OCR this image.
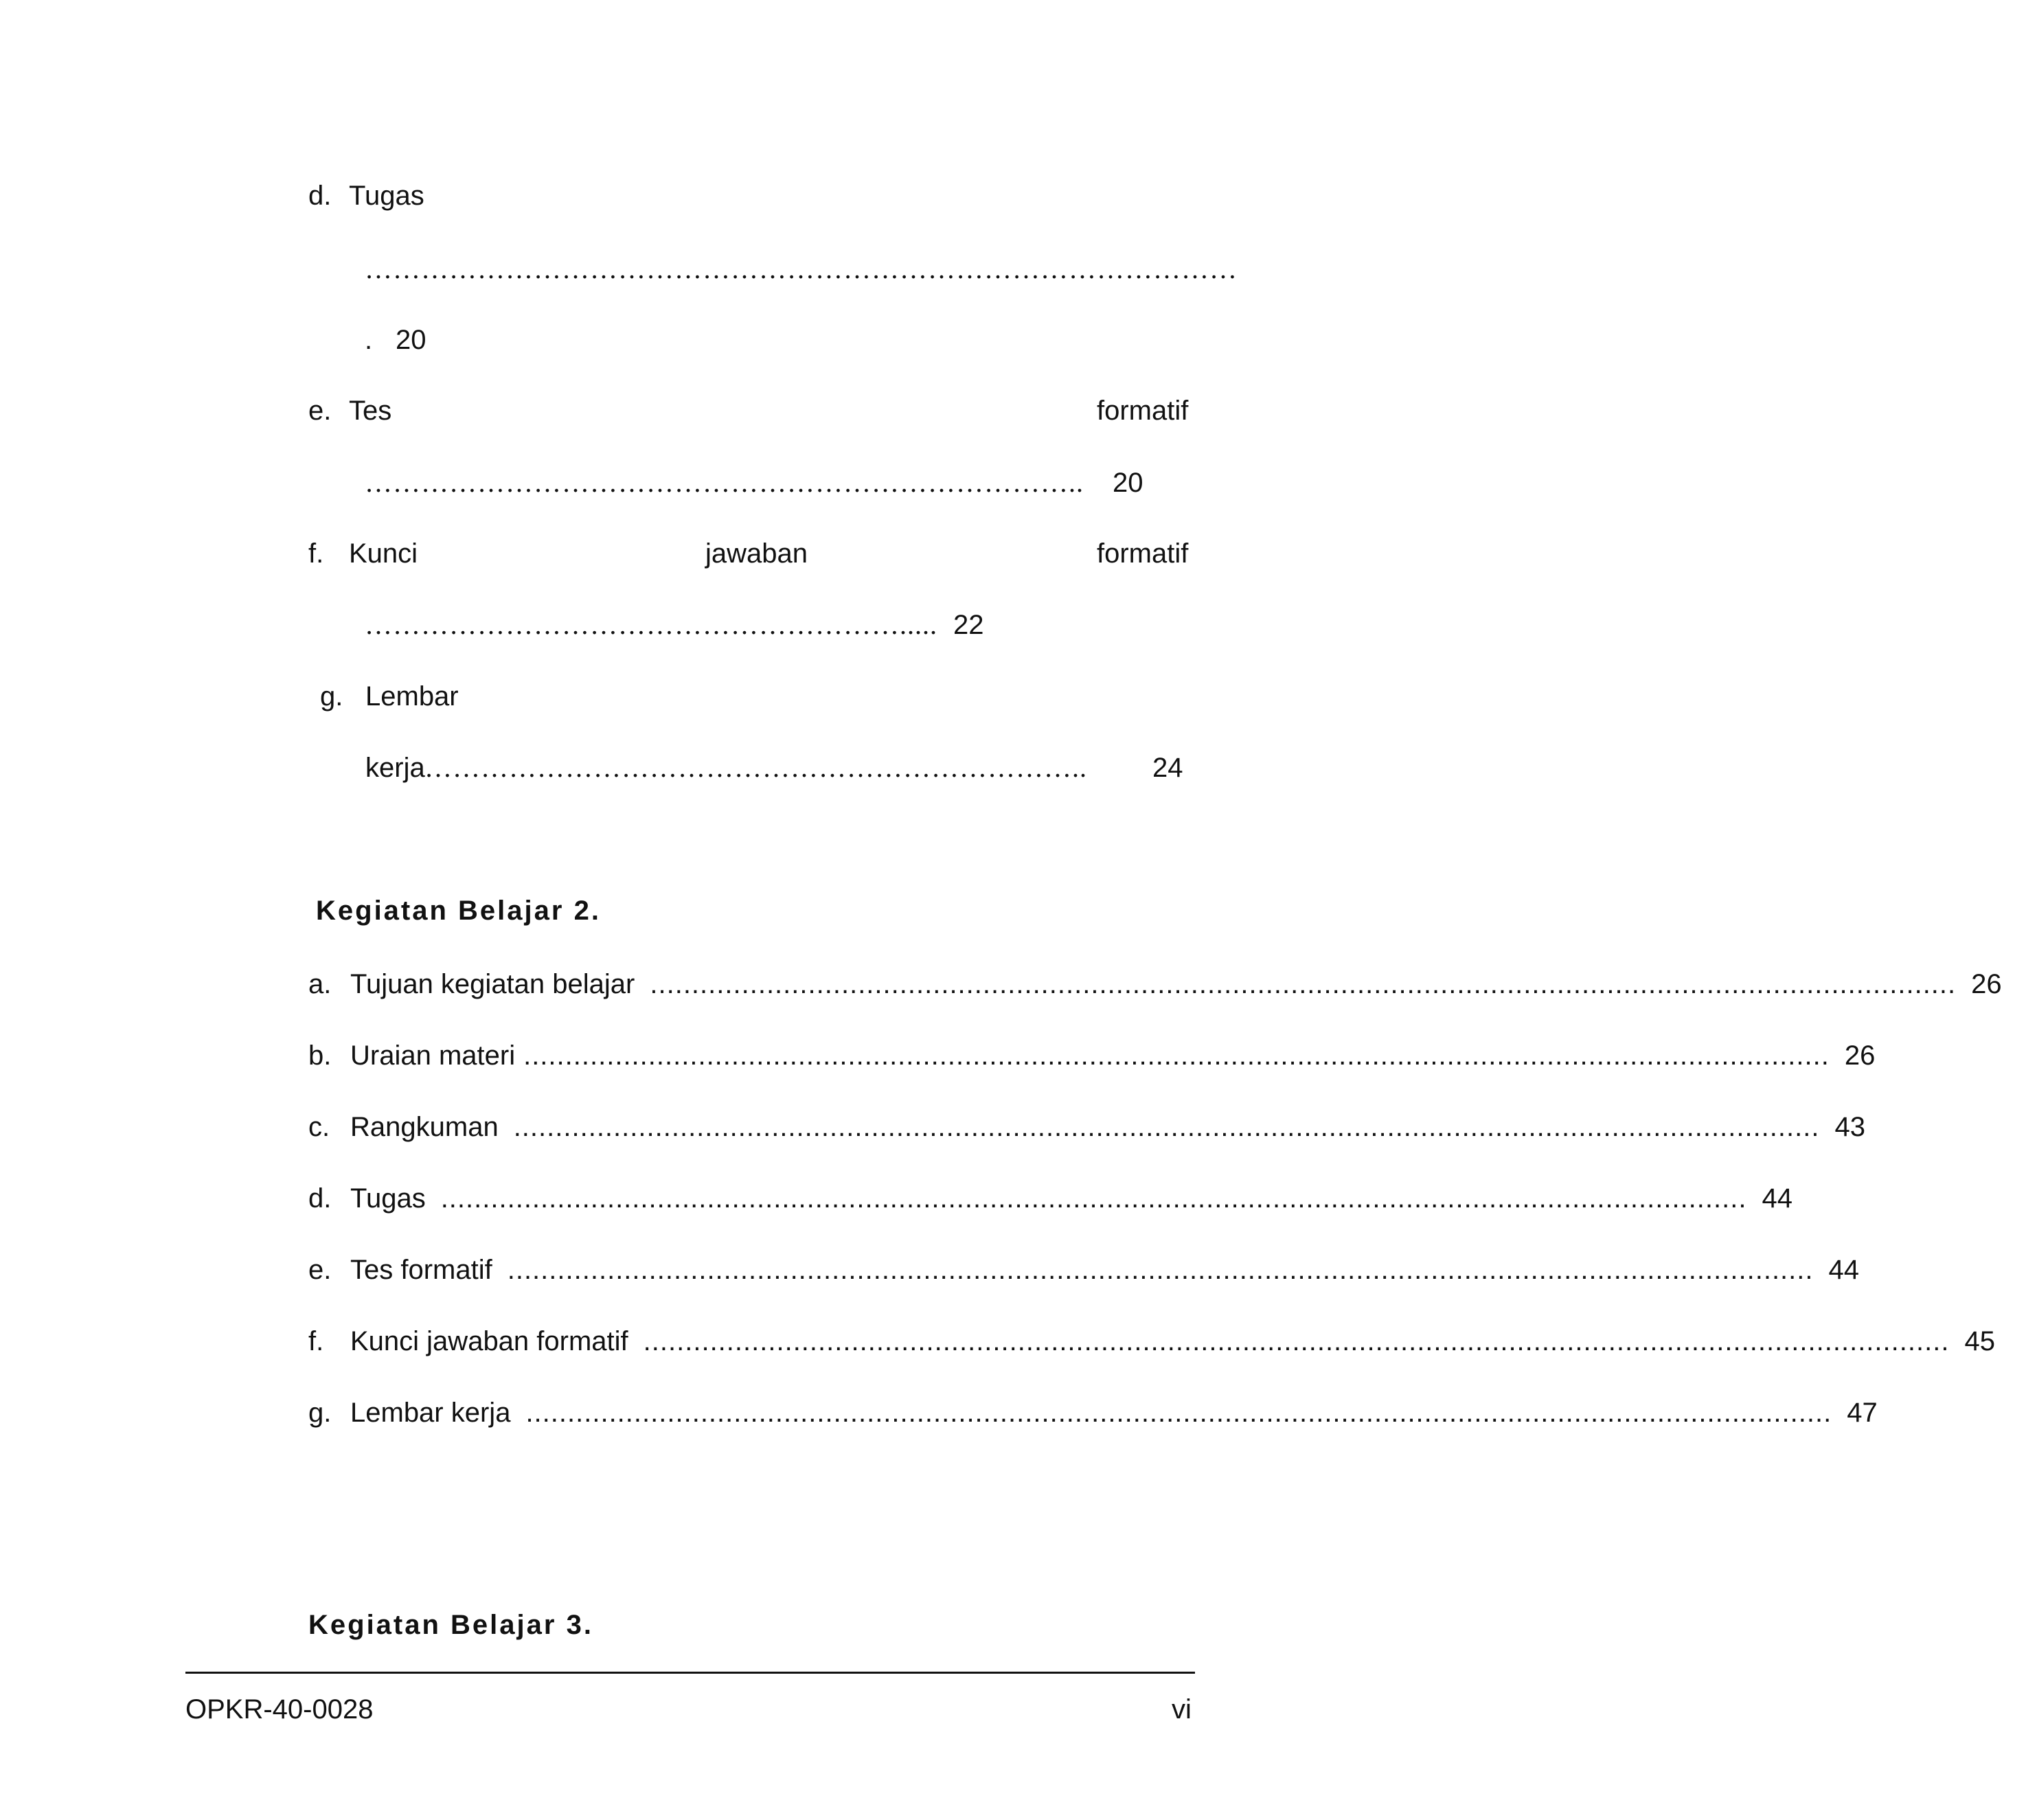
d. Tugas
…………………………………………………………………………………
. 20
e. Tes	formatif
………………………………………………………………….. 20
f. Kunci	jawaban	formatif
…………………………………………………..... 22
g. Lembar
kerja …………………………………………………………….. 24
Kegiatan Belajar 2.
a. Tujuan kegiatan belajar ............................................................................................................................................................. 26
b. Uraian materi ............................................................................................................................................................. 26
c. Rangkuman ............................................................................................................................................................. 43
d. Tugas ............................................................................................................................................................. 44
e. Tes formatif ............................................................................................................................................................. 44
f. Kunci jawaban formatif ............................................................................................................................................................. 45
g. Lembar kerja ............................................................................................................................................................. 47
Kegiatan Belajar 3.
OPKR-40-0028	vi
